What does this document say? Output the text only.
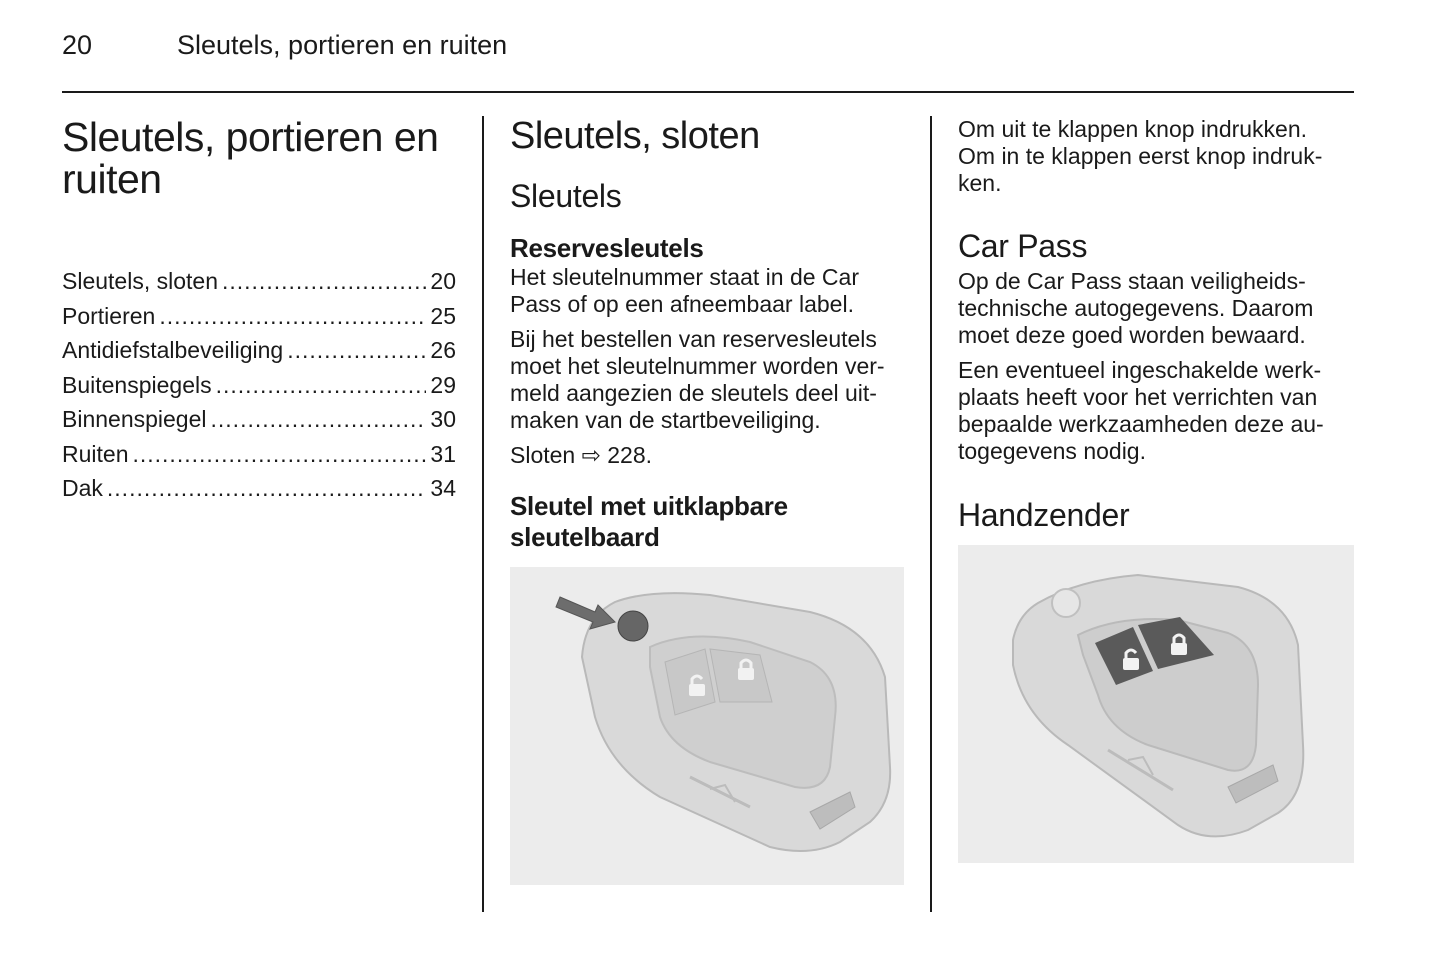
20	Sleutels, portieren en ruiten
Sleutels, portieren en
ruiten
Sleutels, sloten .....	20
Portieren .....	25
Antidiefstalbeveiliging .....	26
Buitenspiegels .....	29
Binnenspiegel .....	30
Ruiten .....	31
Dak .....	34
Sleutels, sloten
Sleutels
Reservesleutels

Het sleutelnummer staat in de Car
Pass of op een afneembaar label.

Bij het bestellen van reservesleutels
moet het sleutelnummer worden ver-
meld aangezien de sleutels deel uit-
maken van de startbeveiliging.

Sloten ⇨ 228.

Sleutel met uitklapbare
sleutelbaard

Om uit te klappen knop indrukken.
Om in te klappen eerst knop indruk-
ken.

Car Pass

Op de Car Pass staan veiligheids-
technische autogegevens. Daarom
moet deze goed worden bewaard.

Een eventueel ingeschakelde werk-
plaats heeft voor het verrichten van
bepaalde werkzaamheden deze au-
togegevens nodig.

Handzender
